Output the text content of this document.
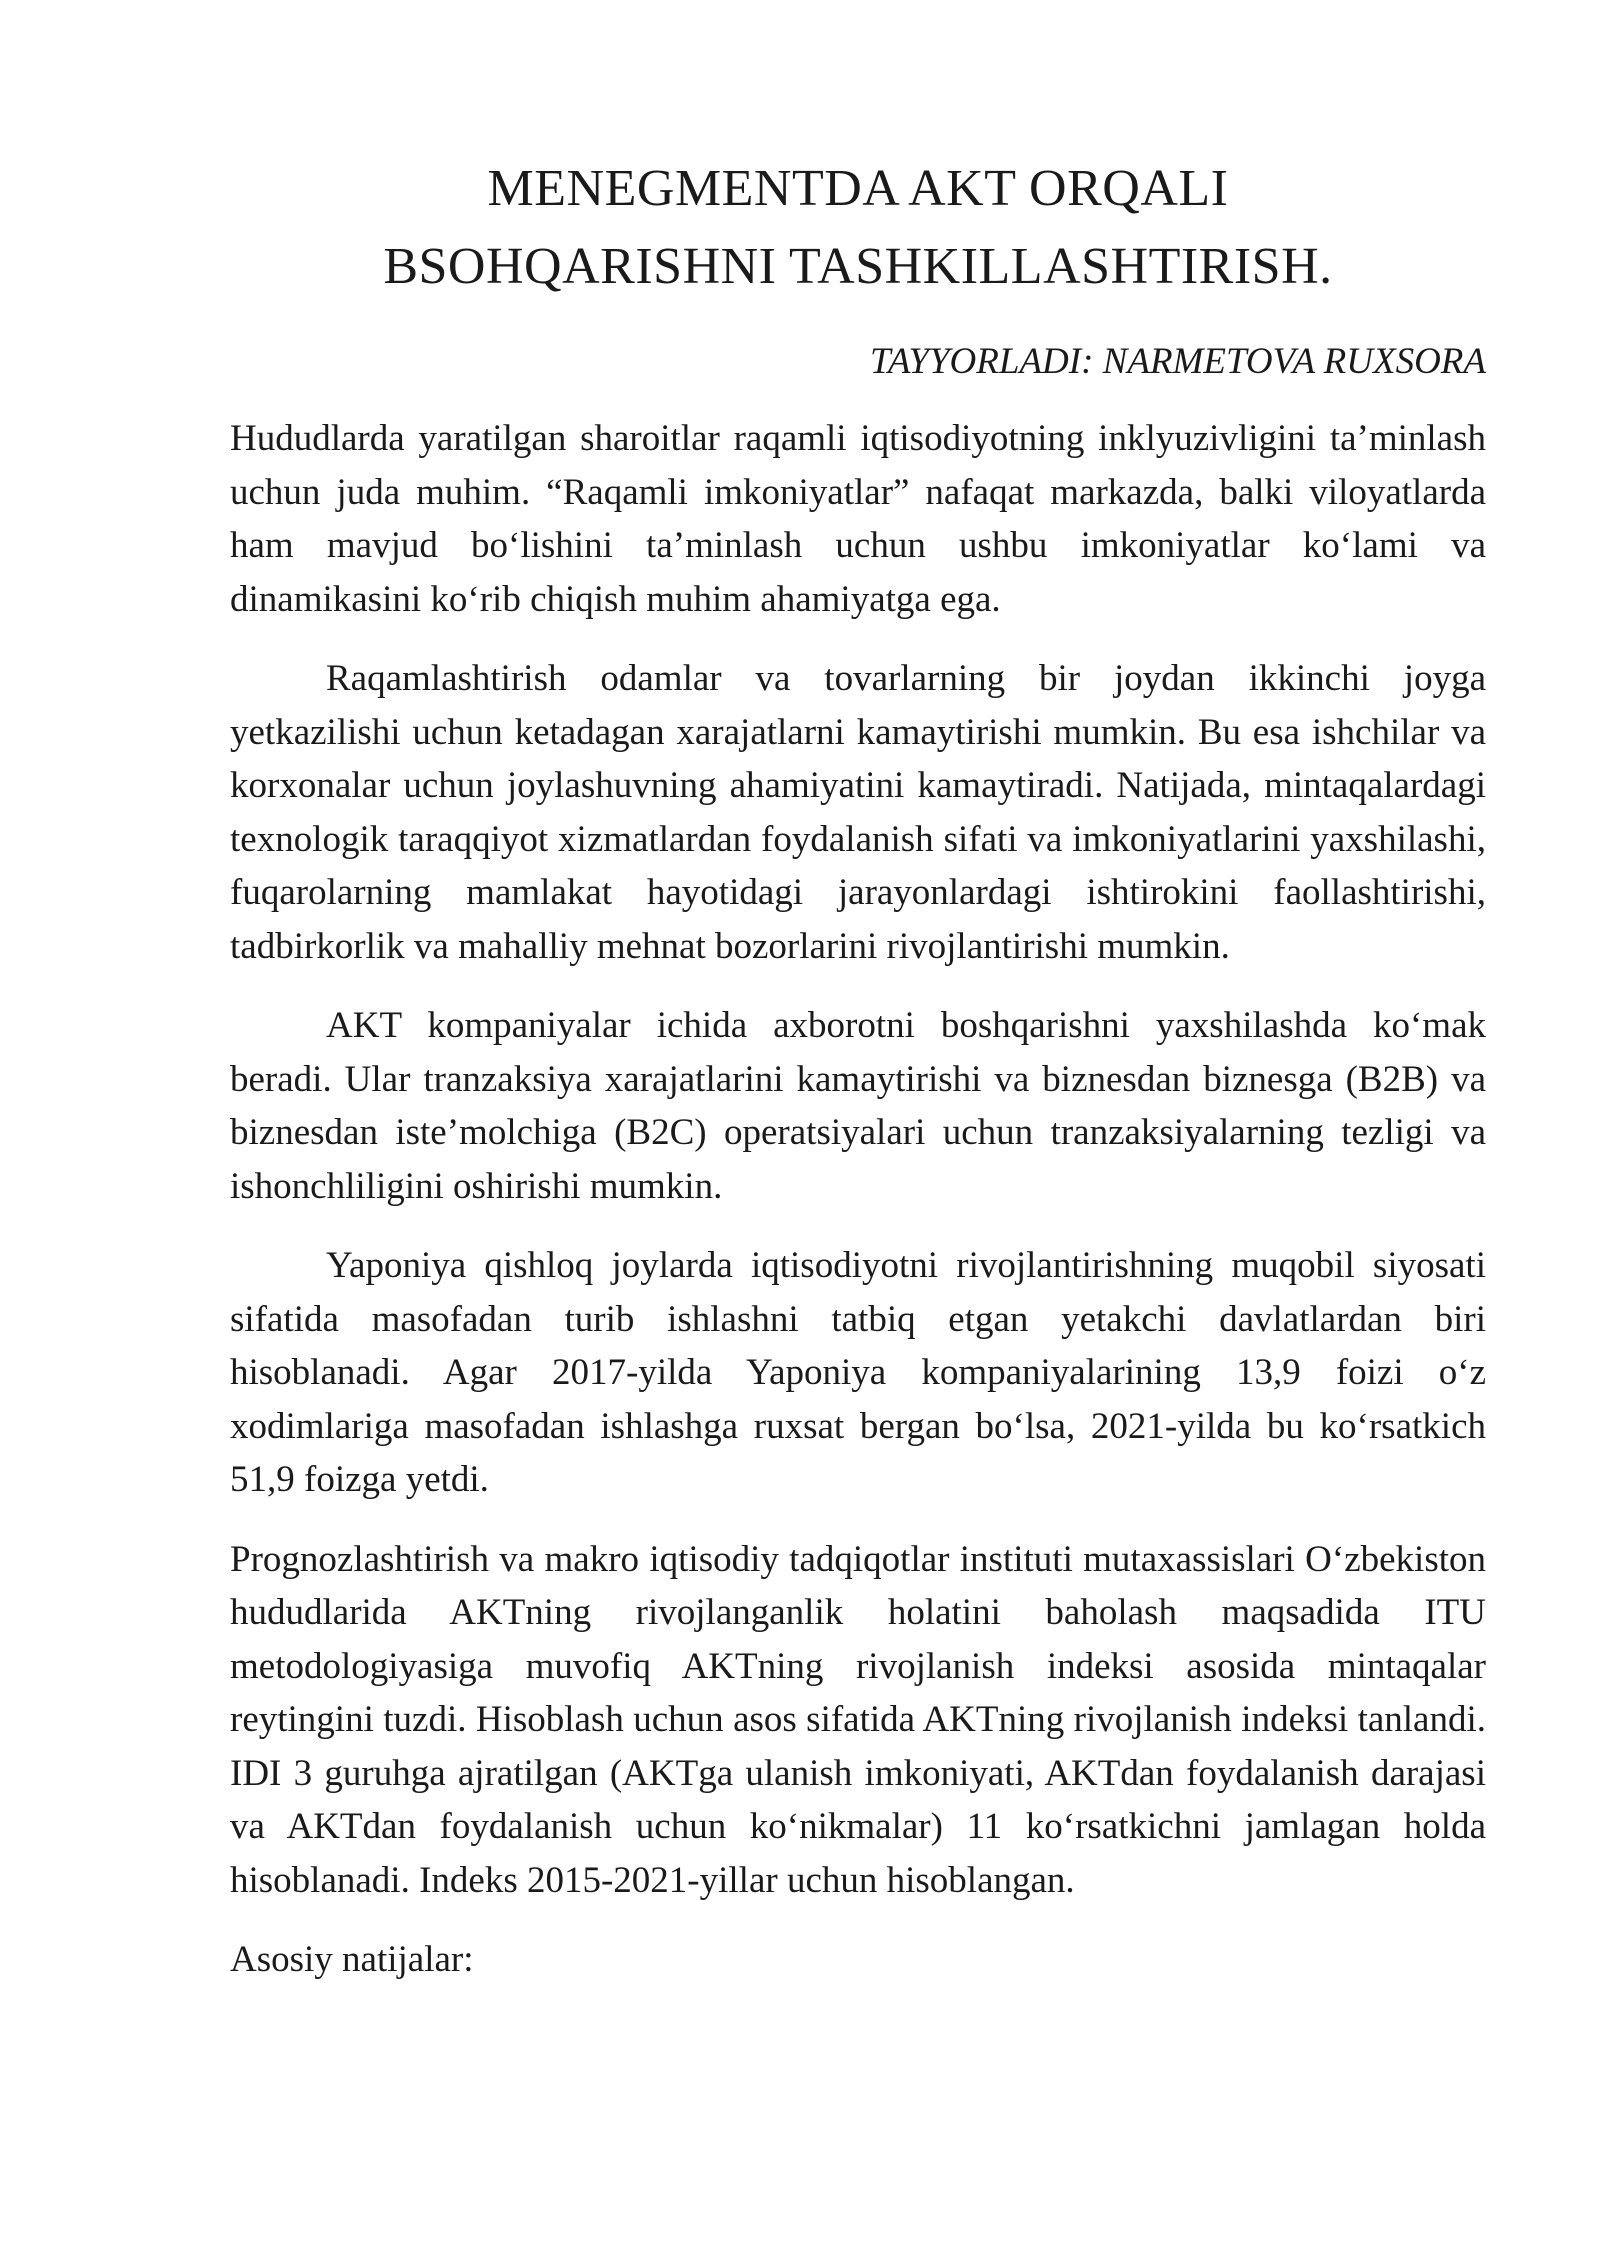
MENEGMENTDA AKT ORQALI
BSOHQARISHNI TASHKILLASHTIRISH.

TAYYORLADI: NARMETOVA RUXSORA

Hududlarda yaratilgan sharoitlar raqamli iqtisodiyotning inklyuzivligini ta’minlash uchun juda muhim. “Raqamli imkoniyatlar” nafaqat markazda, balki viloyatlarda ham mavjud bo‘lishini ta’minlash uchun ushbu imkoniyatlar ko‘lami va dinamikasini ko‘rib chiqish muhim ahamiyatga ega.

Raqamlashtirish odamlar va tovarlarning bir joydan ikkinchi joyga yetkazilishi uchun ketadagan xarajatlarni kamaytirishi mumkin. Bu esa ishchilar va korxonalar uchun joylashuvning ahamiyatini kamaytiradi. Natijada, mintaqalardagi texnologik taraqqiyot xizmatlardan foydalanish sifati va imkoniyatlarini yaxshilashi, fuqarolarning mamlakat hayotidagi jarayonlardagi ishtirokini faollashtirishi, tadbirkorlik va mahalliy mehnat bozorlarini rivojlantirishi mumkin.

AKT kompaniyalar ichida axborotni boshqarishni yaxshilashda ko‘mak beradi. Ular tranzaksiya xarajatlarini kamaytirishi va biznesdan biznesga (B2B) va biznesdan iste’molchiga (B2C) operatsiyalari uchun tranzaksiyalarning tezligi va ishonchliligini oshirishi mumkin.

Yaponiya qishloq joylarda iqtisodiyotni rivojlantirishning muqobil siyosati sifatida masofadan turib ishlashni tatbiq etgan yetakchi davlatlardan biri hisoblanadi. Agar 2017-yilda Yaponiya kompaniyalarining 13,9 foizi o‘z xodimlariga masofadan ishlashga ruxsat bergan bo‘lsa, 2021-yilda bu ko‘rsatkich 51,9 foizga yetdi.

Prognozlashtirish va makro iqtisodiy tadqiqotlar instituti mutaxassislari O‘zbekiston hududlarida AKTning rivojlanganlik holatini baholash maqsadida ITU metodologiyasiga muvofiq AKTning rivojlanish indeksi asosida mintaqalar reytingini tuzdi. Hisoblash uchun asos sifatida AKTning rivojlanish indeksi tanlandi. IDI 3 guruhga ajratilgan (AKTga ulanish imkoniyati, AKTdan foydalanish darajasi va AKTdan foydalanish uchun ko‘nikmalar) 11 ko‘rsatkichni jamlagan holda hisoblanadi. Indeks 2015-2021-yillar uchun hisoblangan.

Asosiy natijalar:
